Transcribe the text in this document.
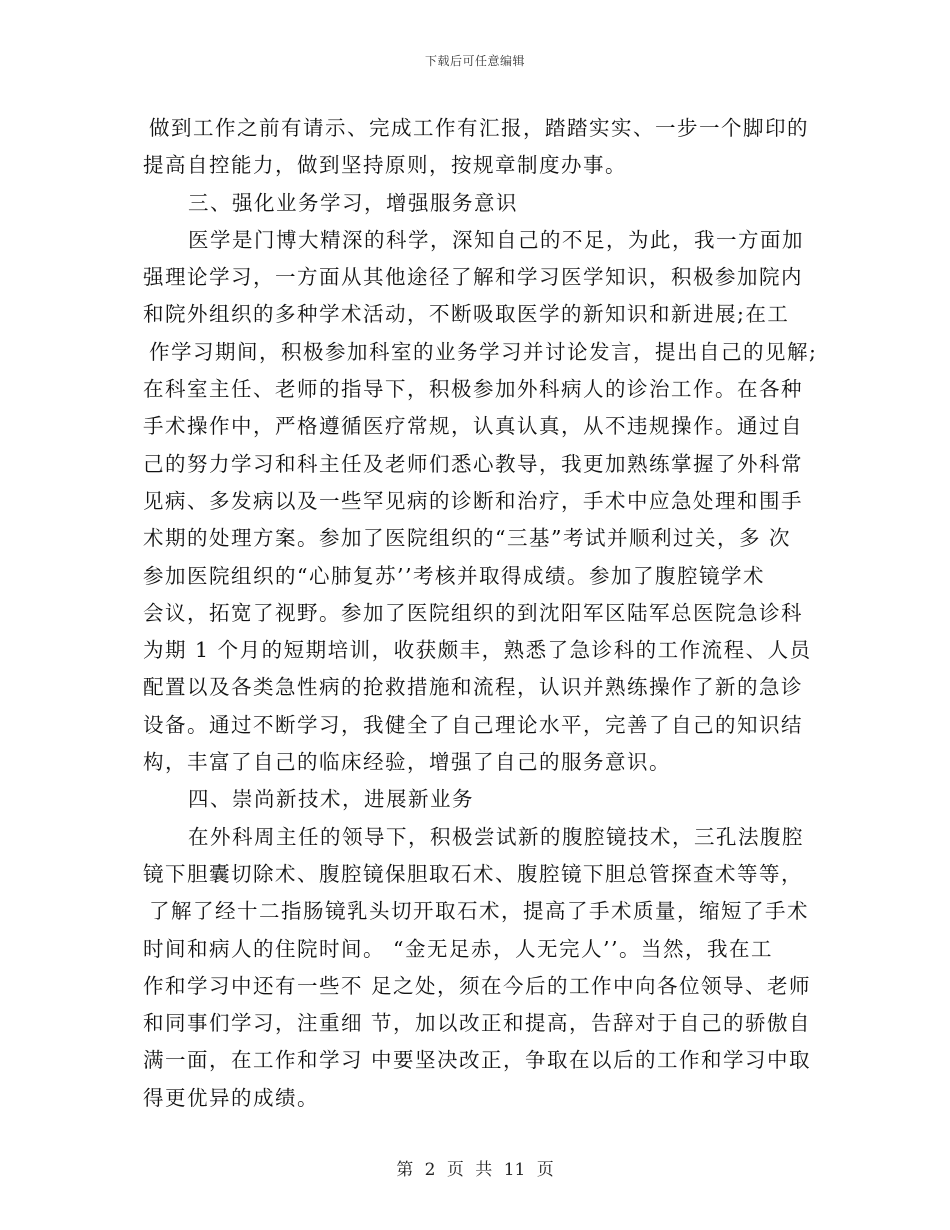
下载后可任意编辑
做到工作之前有请示、完成工作有汇报，踏踏实实、一步一个脚印的
提高自控能力，做到坚持原则，按规章制度办事。
三、强化业务学习，增强服务意识
医学是门博大精深的科学，深知自己的不足，为此，我一方面加
强理论学习，一方面从其他途径了解和学习医学知识，积极参加院内
和院外组织的多种学术活动，不断吸取医学的新知识和新进展;在工
作学习期间，积极参加科室的业务学习并讨论发言，提出自己的见解;
在科室主任、老师的指导下，积极参加外科病人的诊治工作。在各种
手术操作中，严格遵循医疗常规，认真认真，从不违规操作。通过自
己的努力学习和科主任及老师们悉心教导，我更加熟练掌握了外科常
见病、多发病以及一些罕见病的诊断和治疗，手术中应急处理和围手
术期的处理方案。参加了医院组织的“三基”考试并顺利过关，多 次
参加医院组织的“心肺复苏’’考核并取得成绩。参加了腹腔镜学术
会议，拓宽了视野。参加了医院组织的到沈阳军区陆军总医院急诊科
为期 1 个月的短期培训，收获颇丰，熟悉了急诊科的工作流程、人员
配置以及各类急性病的抢救措施和流程，认识并熟练操作了新的急诊
设备。通过不断学习，我健全了自己理论水平，完善了自己的知识结
构，丰富了自己的临床经验，增强了自己的服务意识。
四、崇尚新技术，进展新业务
在外科周主任的领导下，积极尝试新的腹腔镜技术，三孔法腹腔
镜下胆囊切除术、腹腔镜保胆取石术、腹腔镜下胆总管探查术等等，
了解了经十二指肠镜乳头切开取石术，提高了手术质量，缩短了手术
时间和病人的住院时间。 “金无足赤，人无完人’’。当然，我在工
作和学习中还有一些不 足之处，须在今后的工作中向各位领导、老师
和同事们学习，注重细 节，加以改正和提高，告辞对于自己的骄傲自
满一面，在工作和学习 中要坚决改正，争取在以后的工作和学习中取
得更优异的成绩。
第 2 页 共 11 页
